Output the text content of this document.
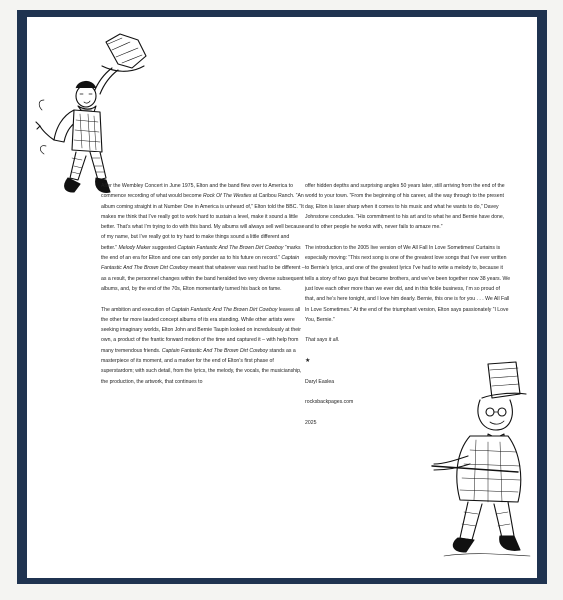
After the Wembley Concert in June 1975, Elton and the band flew over to America to commence recording of what would become Rock Of The Westies at Caribou Ranch. “An album coming straight in at Number One in America is unheard of,” Elton told the BBC. “It makes me think that I’ve really got to work hard to sustain a level, make it sound a little better. That’s what I’m trying to do with this band. My albums will always sell well because of my name, but I’ve really got to try hard to make things sound a little different and better.” Melody Maker suggested Captain Fantastic And The Brown Dirt Cowboy “marks the end of an era for Elton and one can only ponder as to his future on record.” Captain Fantastic And The Brown Dirt Cowboy meant that whatever was next had to be different – as a result, the personnel changes within the band heralded two very diverse subsequent albums, and, by the end of the 70s, Elton momentarily turned his back on fame.

The ambition and execution of Captain Fantastic And The Brown Dirt Cowboy leaves all the other far more lauded concept albums of its era standing. While other artists were seeking imaginary worlds, Elton John and Bernie Taupin looked on incredulously at their own, a product of the frantic forward motion of the time and captured it – with help from many tremendous friends. Captain Fantastic And The Brown Dirt Cowboy stands as a masterpiece of its moment, and a marker for the end of Elton’s first phase of superstardom; with such detail, from the lyrics, the melody, the vocals, the musicianship, the production, the artwork, that continues to

offer hidden depths and surprising angles 50 years later, still arriving from the end of the world to your town. “From the beginning of his career, all the way through to the present day, Elton is laser sharp when it comes to his music and what he wants to do,” Davey Johnstone concludes. “His commitment to his art and to what he and Bernie have done, and to other people he works with, never fails to amaze me.”

The introduction to the 2005 live version of We All Fall In Love Sometimes/ Curtains is especially moving: “This next song is one of the greatest love songs that I’ve ever written to Bernie’s lyrics, and one of the greatest lyrics I’ve had to write a melody to, because it tells a story of two guys that became brothers, and we’ve been together now 38 years. We just love each other more than we ever did, and in this fickle business, I’m so proud of that, and he’s here tonight, and I love him dearly. Bernie, this one is for you . . . We All Fall In Love Sometimes.” At the end of the triumphant version, Elton says passionately “I Love You, Bernie.”

That says it all.

★

Daryl Easlea

rocksbackpages.com

2025
